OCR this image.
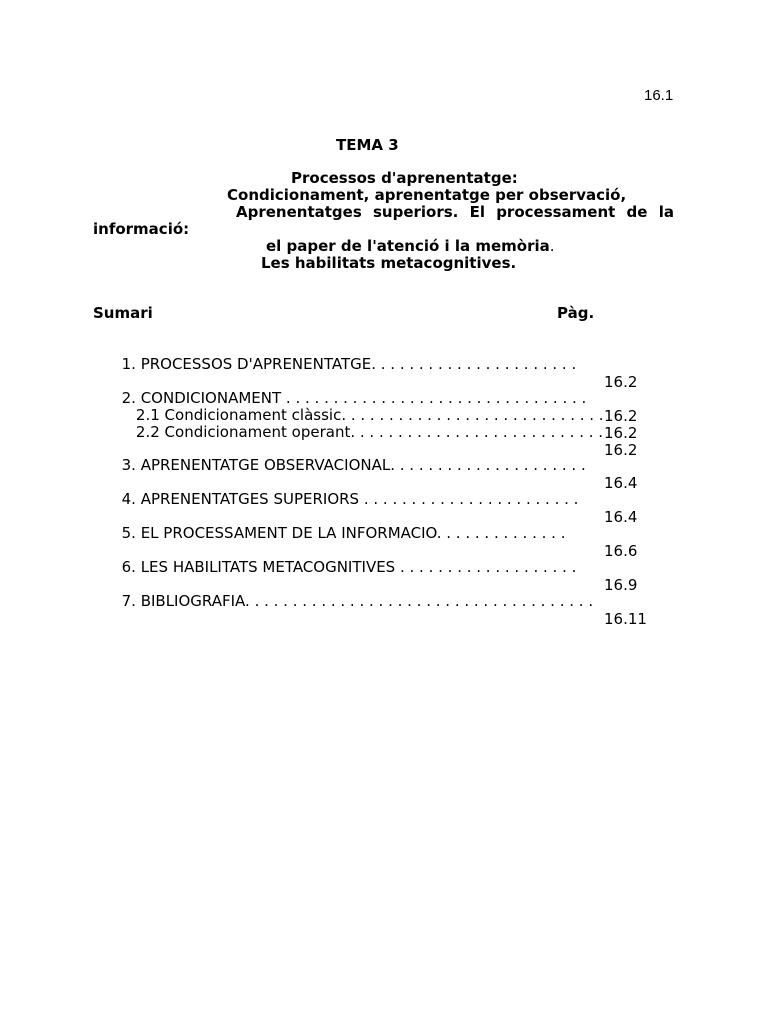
16.1
TEMA 3
Processos d'aprenentatge:
Condicionament, aprenentatge per observació,
Aprenentatges superiors. El processament de la
informació:
el paper de l'atenció i la memòria.
Les habilitats metacognitives.
Sumari	Pàg.

1. PROCESSOS D'APRENENTATGE. . . . . . . . . . . . . . . . . . . . . .

16.2

2. CONDICIONAMENT . . . . . . . . . . . . . . . . . . . . . . . . . . . . . . . .

16.2

2.1 Condicionament clàssic. . . . . . . . . . . . . . . . . . . . . . . . . . . .

16.2

2.2 Condicionament operant. . . . . . . . . . . . . . . . . . . . . . . . . . .

16.2

3. APRENENTATGE OBSERVACIONAL. . . . . . . . . . . . . . . . . . . . .

16.4

4. APRENENTATGES SUPERIORS . . . . . . . . . . . . . . . . . . . . . . .

16.4

5. EL PROCESSAMENT DE LA INFORMACIO. . . . . . . . . . . . . .

16.6

6. LES HABILITATS METACOGNITIVES . . . . . . . . . . . . . . . . . . .

16.9

7. BIBLIOGRAFIA. . . . . . . . . . . . . . . . . . . . . . . . . . . . . . . . . . . . .

16.11
